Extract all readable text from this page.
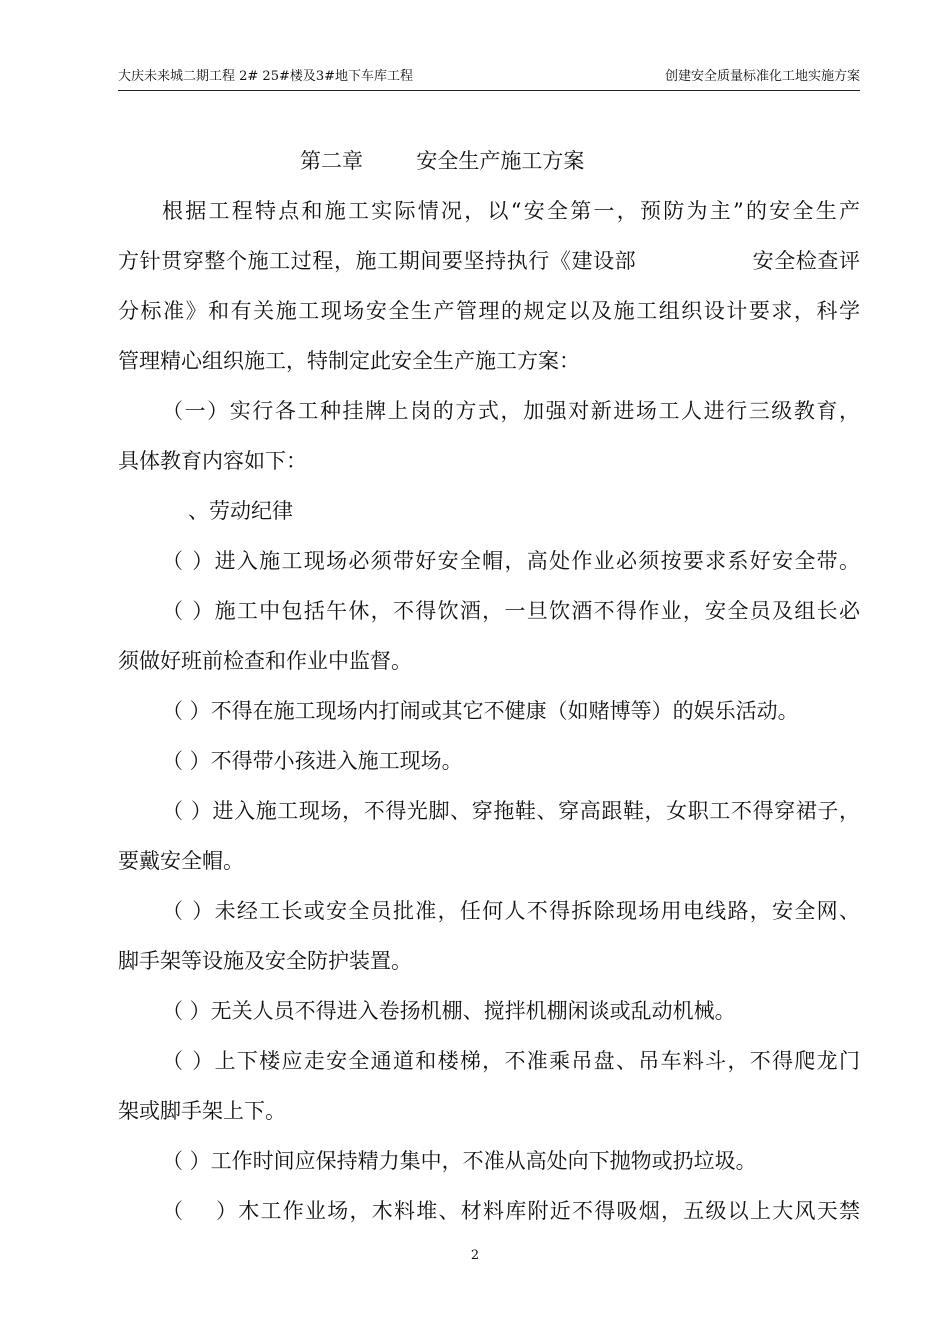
大庆未来城二期工程 2# 25#楼及3#地下车库工程	创建安全质量标准化工地实施方案
第二章        安全生产施工方案
根据工程特点和施工实际情况，以“安全第一，预防为主”的安全生产
方针贯穿整个施工过程，施工期间要坚持执行《建设部                安全检查评
分标准》和有关施工现场安全生产管理的规定以及施工组织设计要求，科学
管理精心组织施工，特制定此安全生产施工方案：
（一）实行各工种挂牌上岗的方式，加强对新进场工人进行三级教育，
具体教育内容如下：
、劳动纪律
（ ）进入施工现场必须带好安全帽，高处作业必须按要求系好安全带。
（ ）施工中包括午休，不得饮酒，一旦饮酒不得作业，安全员及组长必
须做好班前检查和作业中监督。
（ ）不得在施工现场内打闹或其它不健康（如赌博等）的娱乐活动。
（ ）不得带小孩进入施工现场。
（ ）进入施工现场，不得光脚、穿拖鞋、穿高跟鞋，女职工不得穿裙子，
要戴安全帽。
（ ）未经工长或安全员批准，任何人不得拆除现场用电线路，安全网、
脚手架等设施及安全防护装置。
（ ）无关人员不得进入卷扬机棚、搅拌机棚闲谈或乱动机械。
（ ）上下楼应走安全通道和楼梯，不准乘吊盘、吊车料斗，不得爬龙门
架或脚手架上下。
（ ）工作时间应保持精力集中，不准从高处向下抛物或扔垃圾。
（    ）木工作业场，木料堆、材料库附近不得吸烟，五级以上大风天禁
2
